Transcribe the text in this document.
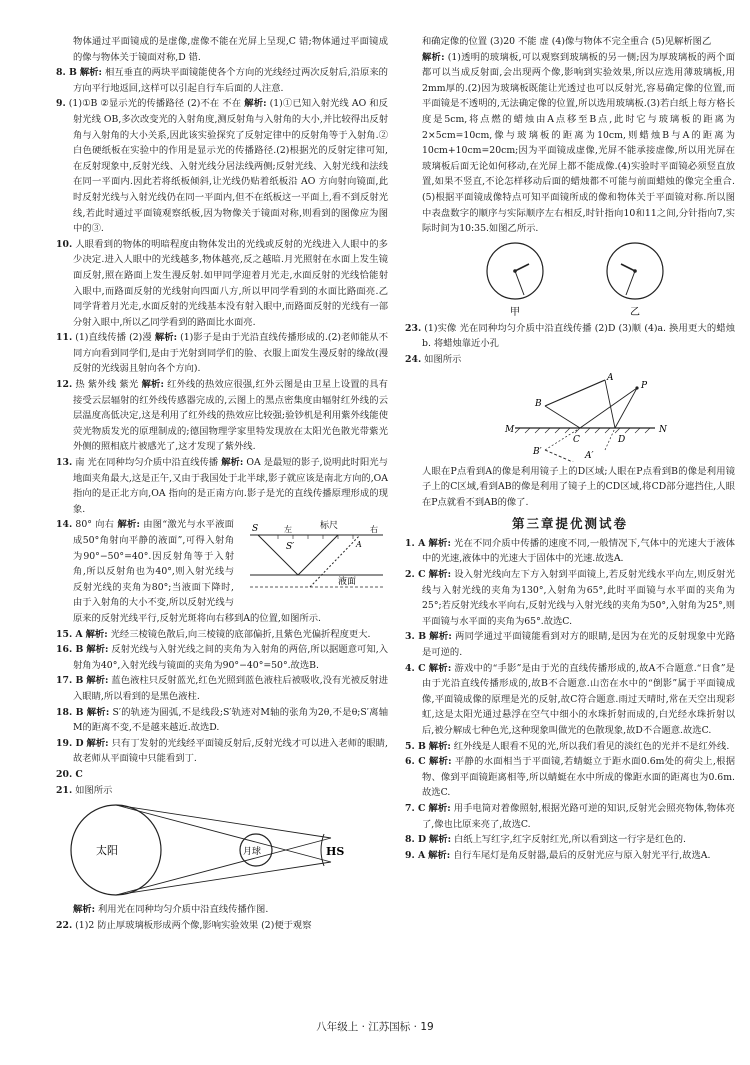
物体通过平面镜成的是虚像,虚像不能在光屏上呈现,C 错;物体通过平面镜成的像与物体关于镜面对称,D 错.

8. B 解析: 相互垂直的两块平面镜能使各个方向的光线经过两次反射后,沿原来的方向平行地返回,这样可以引起自行车后面的人注意.

9. (1)①B ②显示光的传播路径 (2)不在 不在 解析: (1)①已知入射光线 AO 和反射光线 OB,多次改变光的入射角度,测反射角与入射角的大小,并比较得出反射角与入射角的大小关系,因此该实验探究了反射定律中的反射角等于入射角.②白色硬纸板在实验中的作用是显示光的传播路径.(2)根据光的反射定律可知,在反射现象中,反射光线、入射光线分居法线两侧;反射光线、入射光线和法线在同一平面内.因此若将纸板倾斜,让光线仍贴着纸板沿 AO 方向射向镜面,此时反射光线与入射光线仍在同一平面内,但不在纸板这一平面上,看不到反射光线,若此时通过平面镜观察纸板,因为物像关于镜面对称,则看到的图像应为图中的③.

10. 人眼看到的物体的明暗程度由物体发出的光线或反射的光线进入人眼中的多少决定.进入人眼中的光线越多,物体越亮,反之越暗.月光照射在水面上发生镜面反射,照在路面上发生漫反射.如甲同学迎着月光走,水面反射的光线恰能射入眼中,而路面反射的光线射向四面八方,所以甲同学看到的水面比路面亮.乙同学背着月光走,水面反射的光线基本没有射入眼中,而路面反射的光线有一部分射入眼中,所以乙同学看到的路面比水面亮.

11. (1)直线传播 (2)漫 解析: (1)影子是由于光沿直线传播形成的.(2)老师能从不同方向看到同学们,是由于光射到同学们的脸、衣服上面发生漫反射的缘故(漫反射的光线弱且射向各个方向).

12. 热 紫外线 紫光 解析: 红外线的热效应很强,红外云图是由卫星上设置的具有接受云层辐射的红外线传感器完成的,云图上的黑点密集度由辐射红外线的云层温度高低决定,这是利用了红外线的热效应比较强;验钞机是利用紫外线能使荧光物质发光的原理制成的;德国物理学家里特发现放在太阳光色散光带紫光外侧的照相底片被感光了,这才发现了紫外线.

13. 南 光在同种均匀介质中沿直线传播 解析: OA 是最短的影子,说明此时阳光与地面夹角最大,这是正午,又由于我国处于北半球,影子就应该是南北方向的,OA 指向的是正北方向,OA 指向的是正南方向.影子是光的直线传播原理形成的现象.

标尺
左	右
S
S′
液面
A

14. 80° 向右 解析: 由图“激光与水平液面成50°角射向平静的液面”,可得入射角为90°−50°=40°.因反射角等于入射角,所以反射角也为40°,则入射光线与反射光线的夹角为80°;当液面下降时,由于入射角的大小不变,所以反射光线与原来的反射光线平行,反射光斑将向右移到A的位置,如图所示.

15. A 解析: 光经三棱镜色散后,向三棱镜的底部偏折,且紫色光偏折程度更大.

16. B 解析: 反射光线与入射光线之间的夹角为入射角的两倍,所以据题意可知,入射角为40°,入射光线与镜面的夹角为90°−40°=50°.故选B.

17. B 解析: 蓝色液柱只反射蓝光,红色光照到蓝色液柱后被吸收,没有光被反射进入眼睛,所以看到的是黑色液柱.

18. B 解析: S′的轨迹为圆弧,不是线段;S′轨迹对M轴的张角为2θ,不是θ;S′离轴M的距离不变,不是越来越近.故选D.

19. D 解析: 只有丁发射的光线经平面镜反射后,反射光线才可以进入老师的眼睛,故老师从平面镜中只能看到丁.

20. C

21. 如图所示

太阳	月球	HS

解析: 利用光在同种均匀介质中沿直线传播作图.

22. (1)2 防止厚玻璃板形成两个像,影响实验效果 (2)便于观察

和确定像的位置 (3)20 不能 虚 (4)像与物体不完全重合 (5)见解析图乙

解析: (1)透明的玻璃板,可以观察到玻璃板的另一侧;因为厚玻璃板的两个面都可以当成反射面,会出现两个像,影响到实验效果,所以应选用薄玻璃板,用2mm厚的.(2)因为玻璃板既能让光透过也可以反射光,容易确定像的位置,而平面镜是不透明的,无法确定像的位置,所以选用玻璃板.(3)若白纸上每方格长度是5cm,将点燃的蜡烛由A点移至B点,此时它与玻璃板的距离为2×5cm=10cm,像与玻璃板的距离为10cm,则蜡烛B与A的距离为10cm+10cm=20cm;因为平面镜成虚像,光屏不能承接虚像,所以用光屏在玻璃板后面无论如何移动,在光屏上都不能成像.(4)实验时平面镜必须竖直放置,如果不竖直,不论怎样移动后面的蜡烛都不可能与前面蜡烛的像完全重合.(5)根据平面镜成像特点可知平面镜所成的像和物体关于平面镜对称.所以图中表盘数字的顺序与实际顺序左右相反,时针指向10和11之间,分针指向7,实际时间为10:35.如图乙所示.

甲	乙

23. (1)实像 光在同种均匀介质中沿直线传播 (2)D (3)顺 (4)a. 换用更大的蜡烛 b. 将蜡烛靠近小孔

24. 如图所示

M	N
A
B
A′
B′
P
C	D

人眼在P点看到A的像是利用镜子上的D区域;人眼在P点看到B的像是利用镜子上的C区域,看到AB的像是利用了镜子上的CD区域,将CD部分遮挡住,人眼在P点就看不到AB的像了.

第三章提优测试卷

1. A 解析: 光在不同介质中传播的速度不同,一般情况下,气体中的光速大于液体中的光速,液体中的光速大于固体中的光速.故选A.

2. C 解析: 设入射光线向左下方入射到平面镜上,若反射光线水平向左,则反射光线与入射光线的夹角为130°,入射角为65°,此时平面镜与水平面的夹角为25°;若反射光线水平向右,反射光线与入射光线的夹角为50°,入射角为25°,则平面镜与水平面的夹角为65°.故选C.

3. B 解析: 两同学通过平面镜能看到对方的眼睛,是因为在光的反射现象中光路是可逆的.

4. C 解析: 游戏中的“手影”是由于光的直线传播形成的,故A不合题意.“日食”是由于光沿直线传播形成的,故B不合题意.山峦在水中的“倒影”属于平面镜成像,平面镜成像的原理是光的反射,故C符合题意.雨过天晴时,常在天空出现彩虹,这是太阳光通过悬浮在空气中细小的水珠折射而成的,白光经水珠折射以后,被分解成七种色光,这种现象叫做光的色散现象,故D不合题意.故选C.

5. B 解析: 红外线是人眼看不见的光,所以我们看见的淡红色的光并不是红外线.

6. C 解析: 平静的水面相当于平面镜,若蜻蜓立于距水面0.6m处的荷尖上,根据物、像到平面镜距离相等,所以蜻蜓在水中所成的像距水面的距离也为0.6m.故选C.

7. C 解析: 用手电筒对着像照射,根据光路可逆的知识,反射光会照亮物体,物体亮了,像也比原来亮了,故选C.

8. D 解析: 白纸上写红字,红字反射红光,所以看到这一行字是红色的.

9. A 解析: 自行车尾灯是角反射器,最后的反射光应与原入射光平行,故选A.

八年级上 · 江苏国标 · 19
